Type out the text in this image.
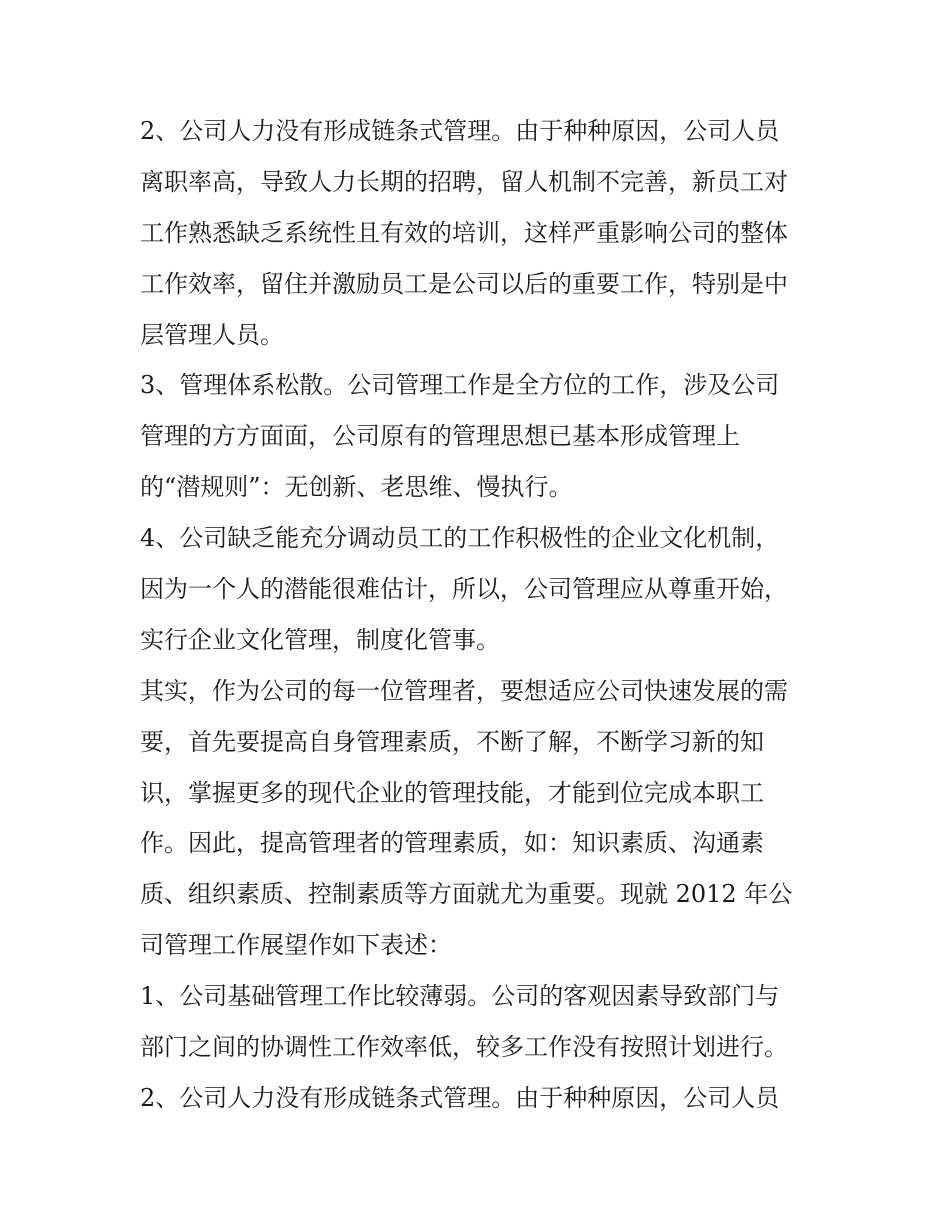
2、公司人力没有形成链条式管理。由于种种原因，公司人员
离职率高，导致人力长期的招聘，留人机制不完善，新员工对
工作熟悉缺乏系统性且有效的培训，这样严重影响公司的整体
工作效率，留住并激励员工是公司以后的重要工作，特别是中
层管理人员。
3、管理体系松散。公司管理工作是全方位的工作，涉及公司
管理的方方面面，公司原有的管理思想已基本形成管理上
的“潜规则”：无创新、老思维、慢执行。
4、公司缺乏能充分调动员工的工作积极性的企业文化机制，
因为一个人的潜能很难估计，所以，公司管理应从尊重开始，
实行企业文化管理，制度化管事。
其实，作为公司的每一位管理者，要想适应公司快速发展的需
要，首先要提高自身管理素质，不断了解，不断学习新的知
识，掌握更多的现代企业的管理技能，才能到位完成本职工
作。因此，提高管理者的管理素质，如：知识素质、沟通素
质、组织素质、控制素质等方面就尤为重要。现就 2012 年公
司管理工作展望作如下表述：
1、公司基础管理工作比较薄弱。公司的客观因素导致部门与
部门之间的协调性工作效率低，较多工作没有按照计划进行。
2、公司人力没有形成链条式管理。由于种种原因，公司人员
